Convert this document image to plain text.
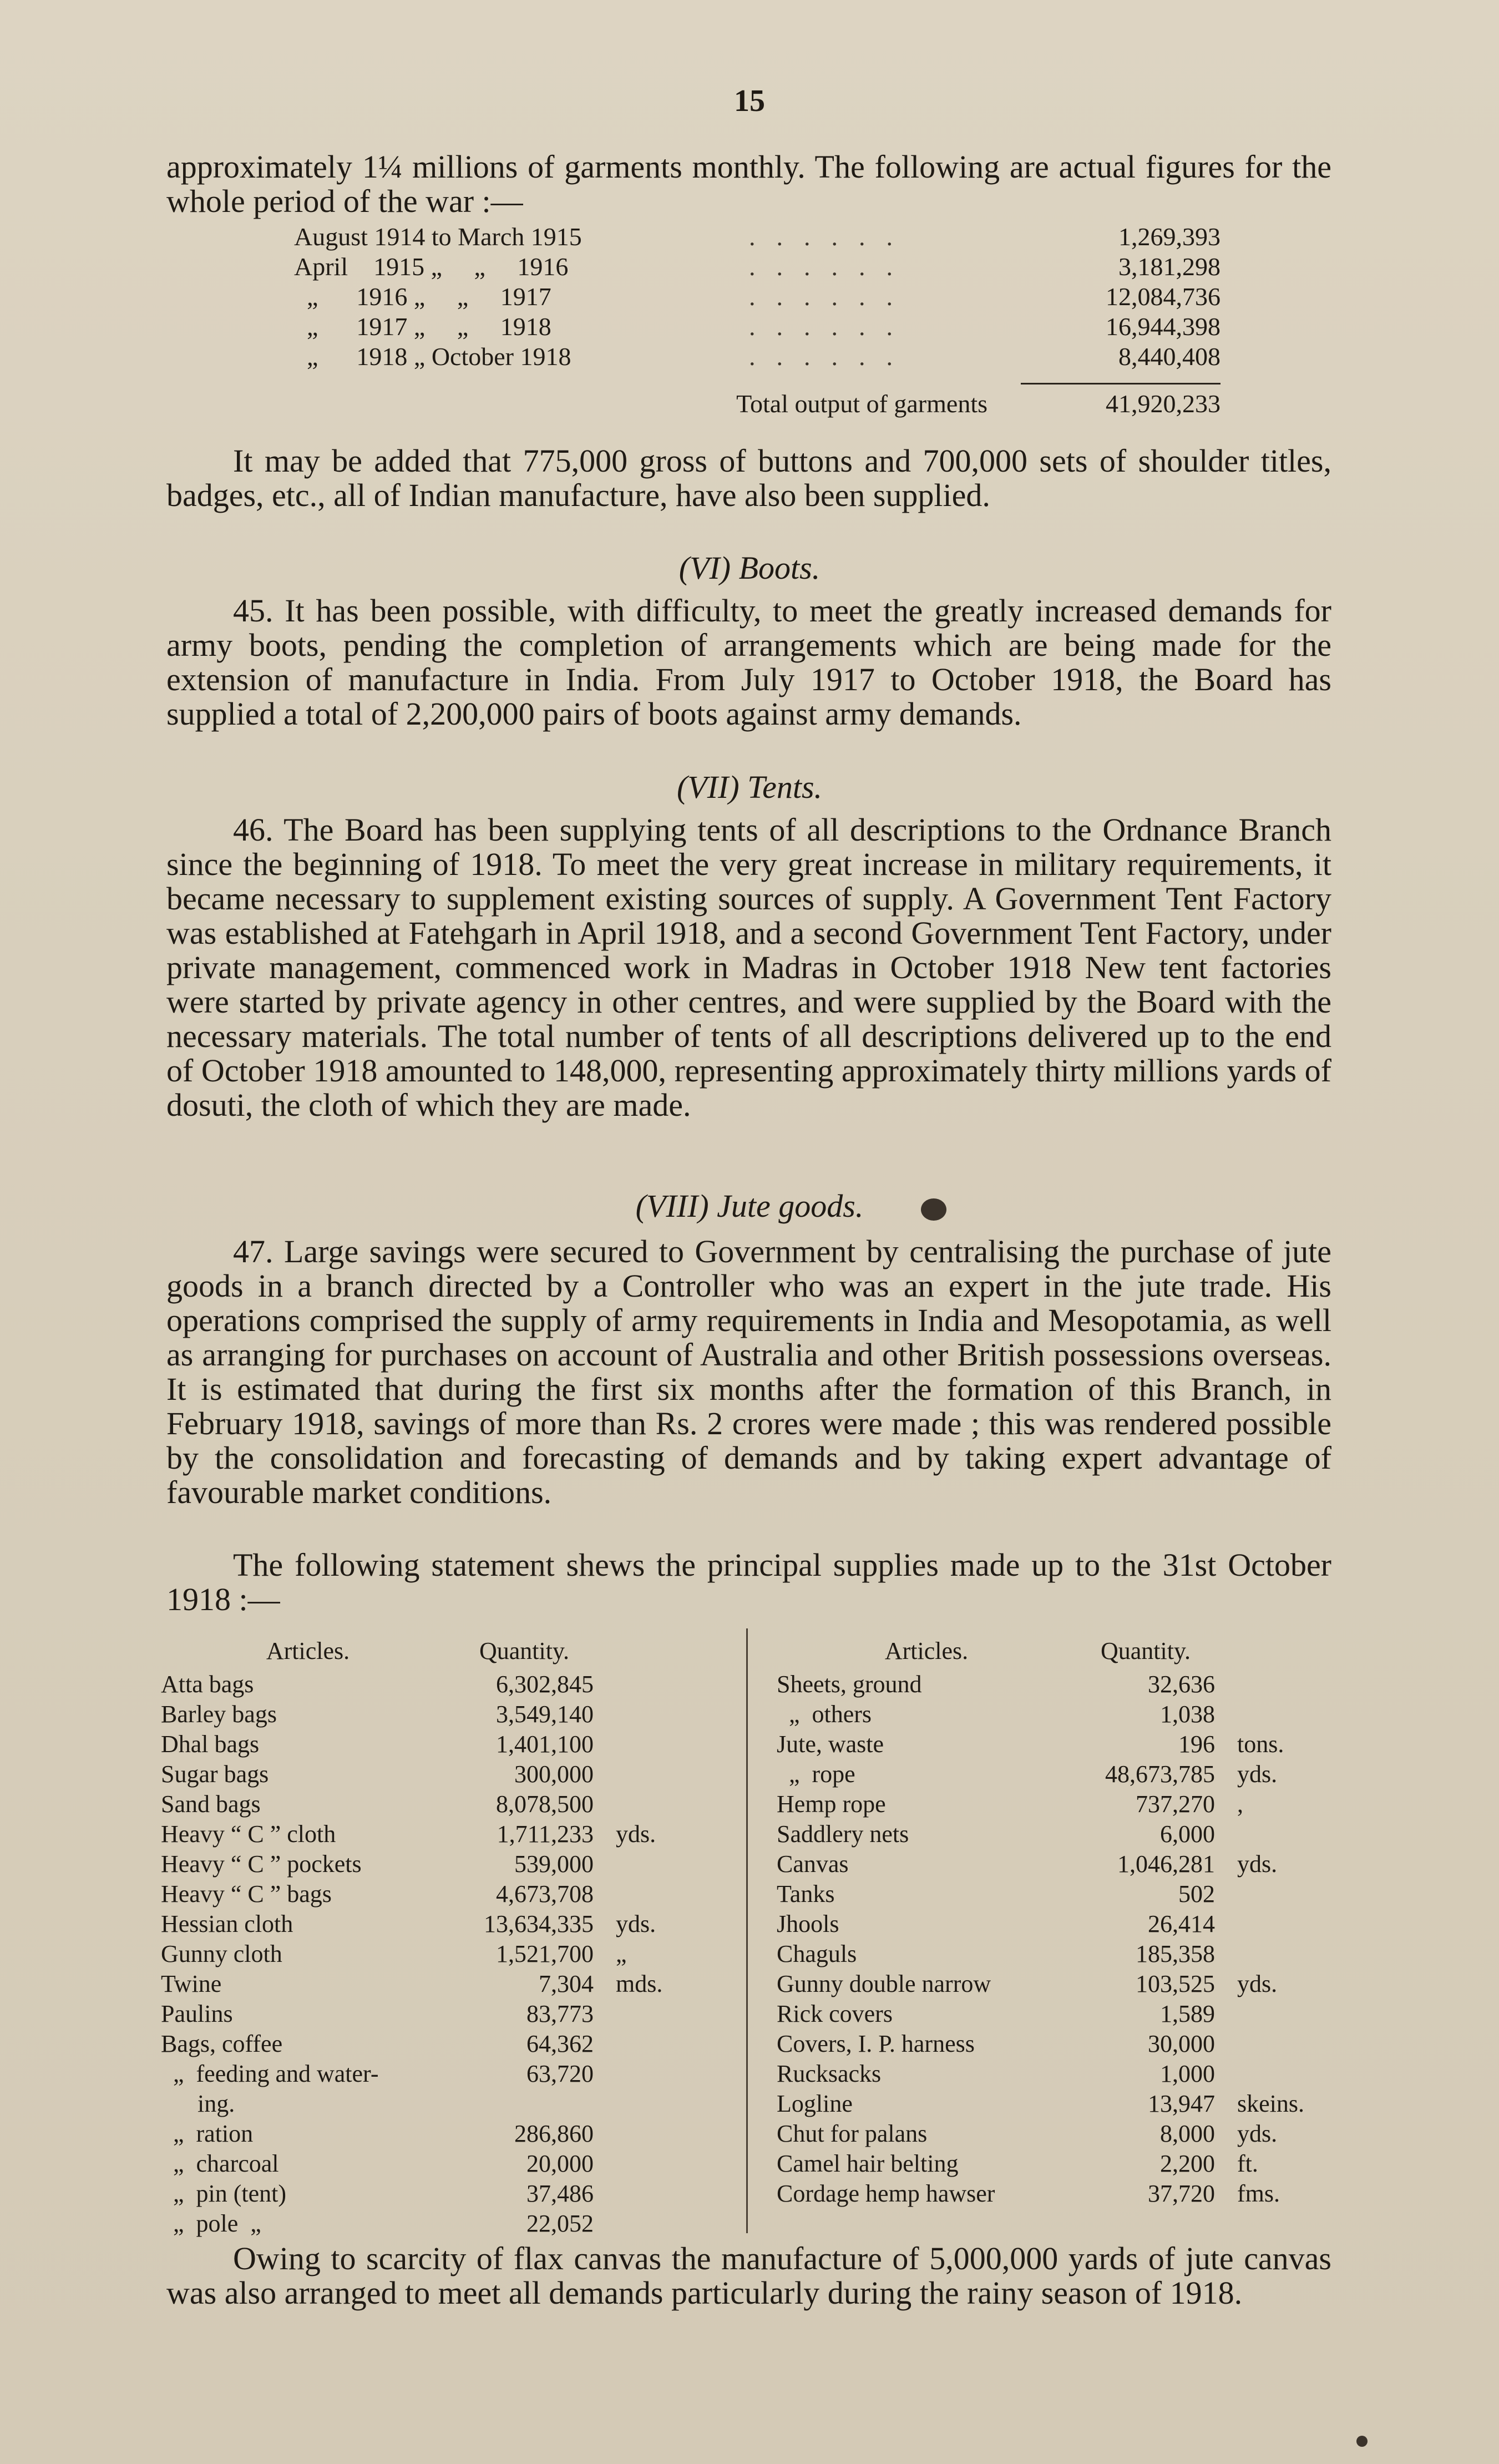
15
approximately 1¼ millions of garments monthly. The following are actual figures for the whole period of the war :—
August 1914 to March 1915	......	1,269,393
April    1915 „     „     1916	......	3,181,298
„      1916 „     „     1917	......	12,084,736
„      1917 „     „     1918	......	16,944,398
„      1918 „ October 1918	......	8,440,408
Total output of garments	41,920,233
It may be added that 775,000 gross of buttons and 700,000 sets of shoulder titles, badges, etc., all of Indian manufacture, have also been supplied.
(VI) Boots.
45. It has been possible, with difficulty, to meet the greatly increased demands for army boots, pending the completion of arrangements which are being made for the extension of manufacture in India. From July 1917 to October 1918, the Board has supplied a total of 2,200,000 pairs of boots against army demands.
(VII) Tents.
46. The Board has been supplying tents of all descriptions to the Ordnance Branch since the beginning of 1918. To meet the very great increase in military requirements, it became necessary to supplement existing sources of supply. A Government Tent Factory was established at Fatehgarh in April 1918, and a second Government Tent Factory, under private management, commenced work in Madras in October 1918 New tent factories were started by private agency in other centres, and were supplied by the Board with the necessary materials. The total number of tents of all descriptions delivered up to the end of October 1918 amounted to 148,000, representing approximately thirty millions yards of dosuti, the cloth of which they are made.
(VIII) Jute goods.
47. Large savings were secured to Government by centralising the purchase of jute goods in a branch directed by a Controller who was an expert in the jute trade. His operations comprised the supply of army requirements in India and Mesopotamia, as well as arranging for purchases on account of Australia and other British possessions overseas. It is estimated that during the first six months after the formation of this Branch, in February 1918, savings of more than Rs. 2 crores were made ; this was rendered possible by the consolidation and forecasting of demands and by taking expert advantage of favourable market conditions.
The following statement shews the principal supplies made up to the 31st October 1918 :—
Articles.	Quantity.
Atta bags	6,302,845
Barley bags	3,549,140
Dhal bags	1,401,100
Sugar bags	300,000
Sand bags	8,078,500
Heavy “ C ” cloth	1,711,233 yds.
Heavy “ C ” pockets	539,000
Heavy “ C ” bags	4,673,708
Hessian cloth	13,634,335 yds.
Gunny cloth	1,521,700 „
Twine	7,304 mds.
Paulins	83,773
Bags, coffee	64,362
„  feeding and water-	63,720
ing.
„  ration	286,860
„  charcoal	20,000
„  pin (tent)	37,486
„  pole  „	22,052
Articles.	Quantity.
Sheets, ground	32,636
„  others	1,038
Jute, waste	196 tons.
„  rope	48,673,785 yds.
Hemp rope	737,270 ,
Saddlery nets	6,000
Canvas	1,046,281 yds.
Tanks	502
Jhools	26,414
Chaguls	185,358
Gunny double narrow	103,525 yds.
Rick covers	1,589
Covers, I. P. harness	30,000
Rucksacks	1,000
Logline	13,947 skeins.
Chut for palans	8,000 yds.
Camel hair belting	2,200 ft.
Cordage hemp hawser	37,720 fms.
Owing to scarcity of flax canvas the manufacture of 5,000,000 yards of jute canvas was also arranged to meet all demands particularly during the rainy season of 1918.
